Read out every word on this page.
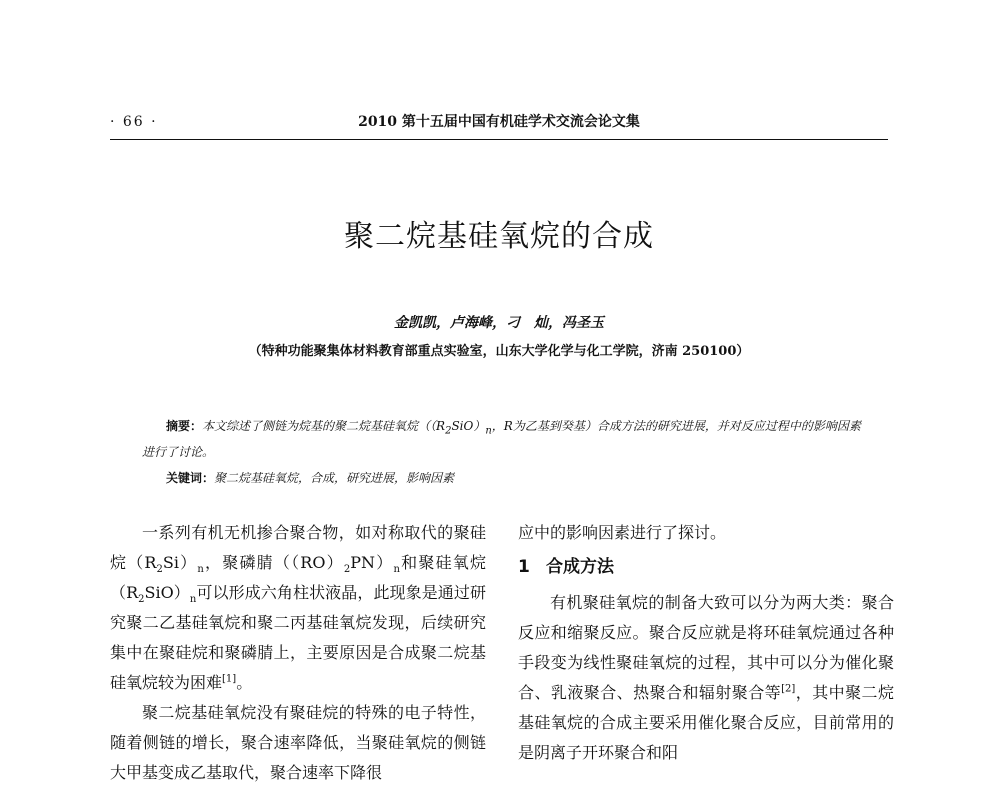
· 66 ·	2010 第十五届中国有机硅学术交流会论文集
聚二烷基硅氧烷的合成
金凯凯，卢海峰，刁　灿，冯圣玉
（特种功能聚集体材料教育部重点实验室，山东大学化学与化工学院，济南 250100）

摘要：本文综述了侧链为烷基的聚二烷基硅氧烷（$(R_2SiO)_n$，R为乙基到癸基）合成方法的研究进展，并对反应过程中的影响因素进行了讨论。

关键词：聚二烷基硅氧烷，合成，研究进展，影响因素

一系列有机无机掺合聚合物，如对称取代的聚硅烷$(R_2Si)_n$，聚磷腈$((RO)_2PN)_n$和聚硅氧烷$(R_2SiO)_n$可以形成六角柱状液晶，此现象是通过研究聚二乙基硅氧烷和聚二丙基硅氧烷发现，后续研究集中在聚硅烷和聚磷腈上，主要原因是合成聚二烷基硅氧烷较为困难[1]。

聚二烷基硅氧烷没有聚硅烷的特殊的电子特性，随着侧链的增长，聚合速率降低，当聚硅氧烷的侧链大甲基变成乙基取代，聚合速率下降很

应中的影响因素进行了探讨。

1 合成方法

有机聚硅氧烷的制备大致可以分为两大类：聚合反应和缩聚反应。聚合反应就是将环硅氧烷通过各种手段变为线性聚硅氧烷的过程，其中可以分为催化聚合、乳液聚合、热聚合和辐射聚合等[2]，其中聚二烷基硅氧烷的合成主要采用催化聚合反应，目前常用的是阴离子开环聚合和阳
